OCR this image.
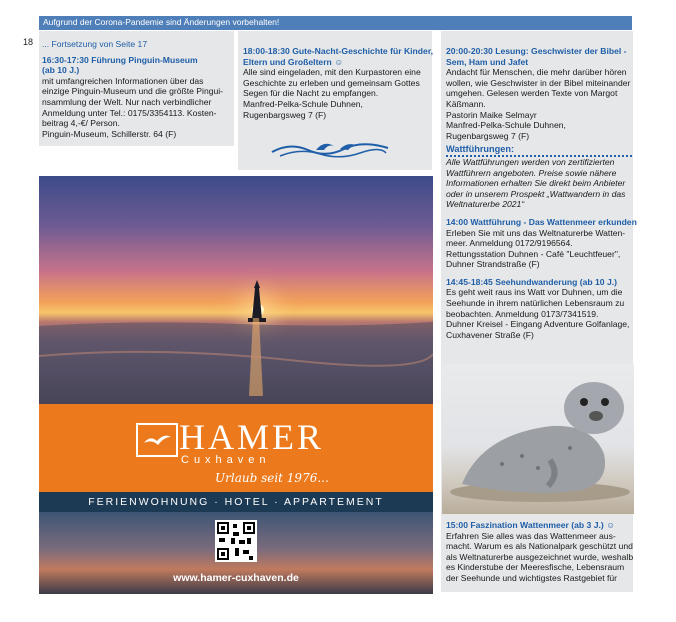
18
Aufgrund der Corona-Pandemie sind Änderungen vorbehalten!
... Fortsetzung von Seite 17
16:30-17:30 Führung Pinguin-Museum
(ab 10 J.)
mit umfangreichen Informationen über das
einzige Pinguin-Museum und die größte Pingui-
nsammlung der Welt. Nur nach verbindlicher
Anmeldung unter Tel.: 0175/3354113. Kosten-
beitrag 4,-€/ Person.
Pinguin-Museum, Schillerstr. 64 (F)
18:00-18:30 Gute-Nacht-Geschichte für Kinder,
Eltern und Großeltern ☺
Alle sind eingeladen, mit den Kurpastoren eine
Geschichte zu erleben und gemeinsam Gottes
Segen für die Nacht zu empfangen.
Manfred-Pelka-Schule Duhnen,
Rugenbargsweg 7 (F)
20:00-20:30 Lesung: Geschwister der Bibel -
Sem, Ham und Jafet
Andacht für Menschen, die mehr darüber hören
wollen, wie Geschwister in der Bibel miteinander
umgehen. Gelesen werden Texte von Margot
Käßmann.
Pastorin Maike Selmayr
Manfred-Pelka-Schule Duhnen,
Rugenbargsweg 7 (F)
Wattführungen:
Alle Wattführungen werden von zertifizierten
Wattführern angeboten. Preise sowie nähere
Informationen erhalten Sie direkt beim Anbieter
oder in unserem Prospekt „Wattwandern in das
Weltnaturerbe 2021“
14:00 Wattführung - Das Wattenmeer erkunden
Erleben Sie mit uns das Weltnaturerbe Watten-
meer. Anmeldung 0172/9196564.
Rettungsstation Duhnen - Café "Leuchtfeuer",
Duhner Strandstraße (F)
14:45-18:45 Seehundwanderung (ab 10 J.)
Es geht weit raus ins Watt vor Duhnen, um die
Seehunde in ihrem natürlichen Lebensraum zu
beobachten. Anmeldung 0173/7341519.
Duhner Kreisel - Eingang Adventure Golfanlage,
Cuxhavener Straße (F)
15:00 Faszination Wattenmeer (ab 3 J.) ☺
Erfahren Sie alles was das Wattenmeer aus-
macht. Warum es als Nationalpark geschützt und
als Weltnaturerbe ausgezeichnet wurde, weshalb
es Kinderstube der Meeresfische, Lebensraum
der Seehunde und wichtigstes Rastgebiet für
HAMER
Cuxhaven
Urlaub seit 1976...
FERIENWOHNUNG · HOTEL · APPARTEMENT
www.hamer-cuxhaven.de
